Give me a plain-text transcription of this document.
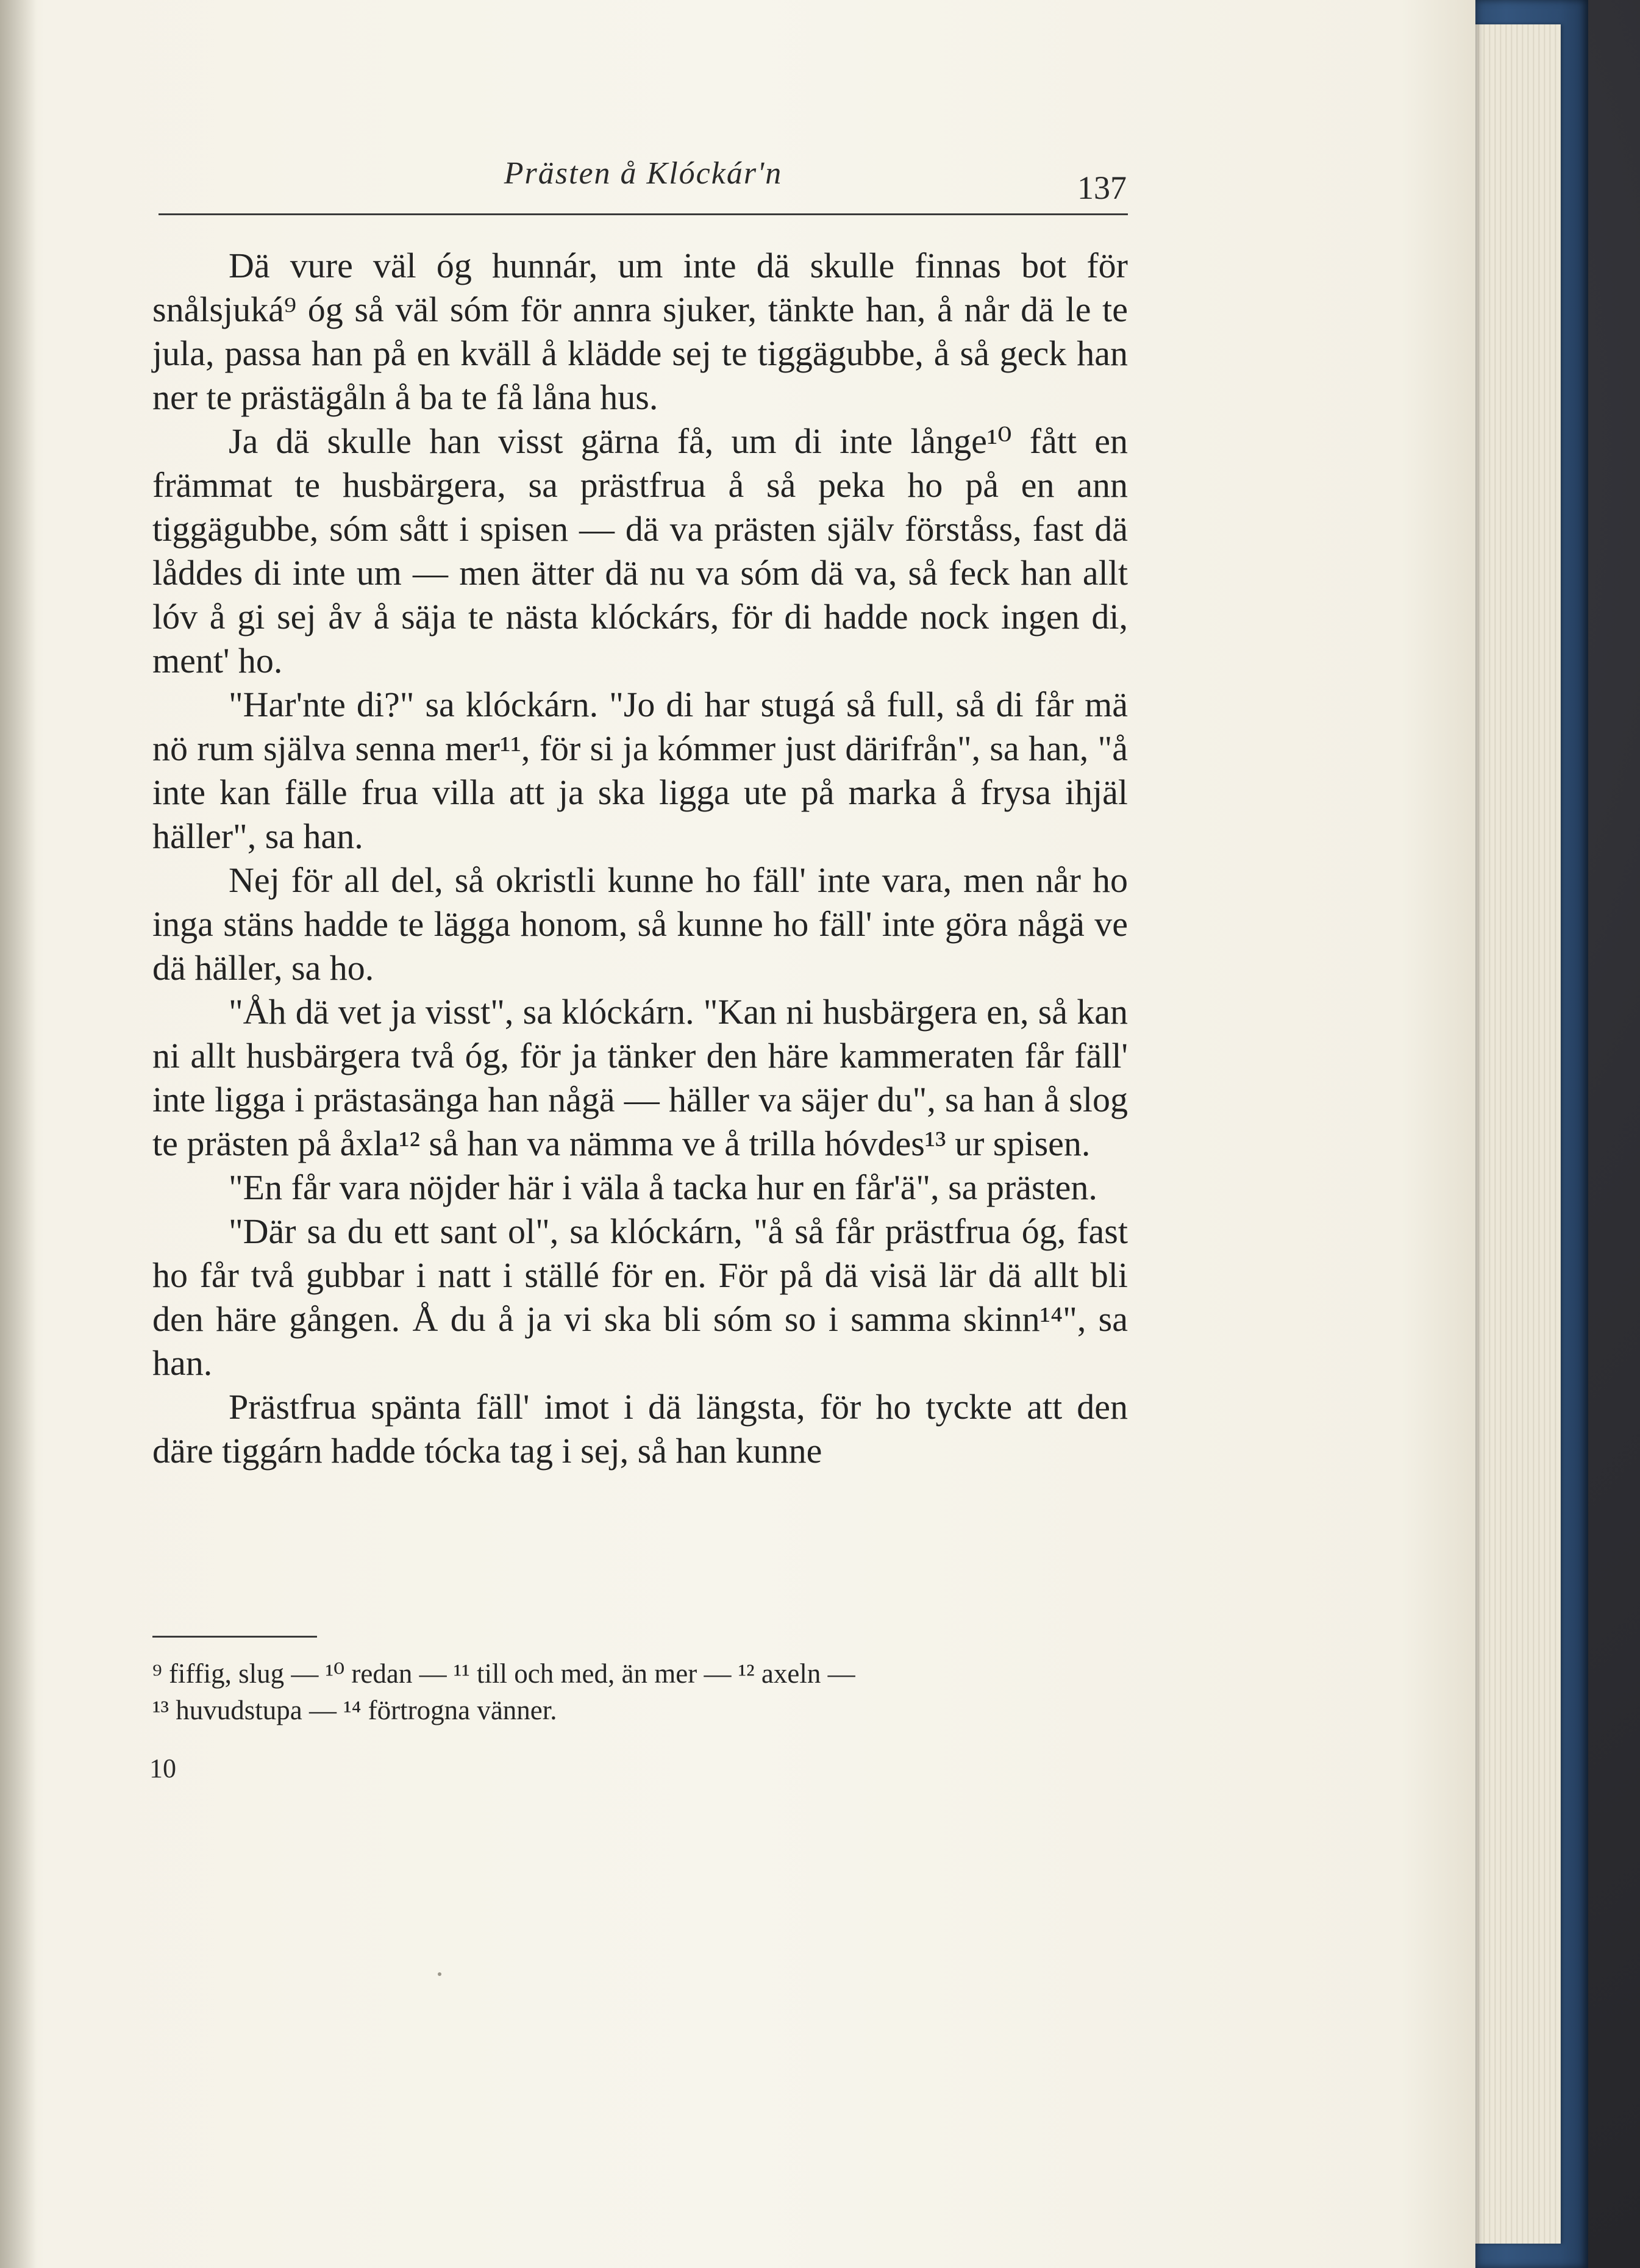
Prästen å Klóckár'n	137

Dä vure väl óg hunnár, um inte dä skulle finnas bot för snålsjuká⁹ óg så väl sóm för annra sjuker, tänkte han, å når dä le te jula, passa han på en kväll å klädde sej te tiggägubbe, å så geck han ner te prästägåln å ba te få låna hus.

Ja dä skulle han visst gärna få, um di inte långe¹⁰ fått en främmat te husbärgera, sa prästfrua å så peka ho på en ann tiggägubbe, sóm sått i spisen — dä va prästen själv förståss, fast dä låddes di inte um — men ätter dä nu va sóm dä va, så feck han allt lóv å gi sej åv å säja te nästa klóckárs, för di hadde nock ingen di, ment' ho.

"Har'nte di?" sa klóckárn. "Jo di har stugá så full, så di får mä nö rum själva senna mer¹¹, för si ja kómmer just därifrån", sa han, "å inte kan fälle frua villa att ja ska ligga ute på marka å frysa ihjäl häller", sa han.

Nej för all del, så okristli kunne ho fäll' inte vara, men når ho inga stäns hadde te lägga honom, så kunne ho fäll' inte göra någä ve dä häller, sa ho.

"Åh dä vet ja visst", sa klóckárn. "Kan ni husbärgera en, så kan ni allt husbärgera två óg, för ja tänker den häre kammeraten får fäll' inte ligga i prästasänga han någä — häller va säjer du", sa han å slog te prästen på åxla¹² så han va nämma ve å trilla hóvdes¹³ ur spisen.

"En får vara nöjder här i väla å tacka hur en får'ä", sa prästen.

"Där sa du ett sant ol", sa klóckárn, "å så får prästfrua óg, fast ho får två gubbar i natt i ställé för en. För på dä visä lär dä allt bli den häre gången. Å du å ja vi ska bli sóm so i samma skinn¹⁴", sa han.

Prästfrua spänta fäll' imot i dä längsta, för ho tyckte att den däre tiggárn hadde tócka tag i sej, så han kunne

⁹ fiffig, slug — ¹⁰ redan — ¹¹ till och med, än mer — ¹² axeln —

¹³ huvudstupa — ¹⁴ förtrogna vänner.

10
